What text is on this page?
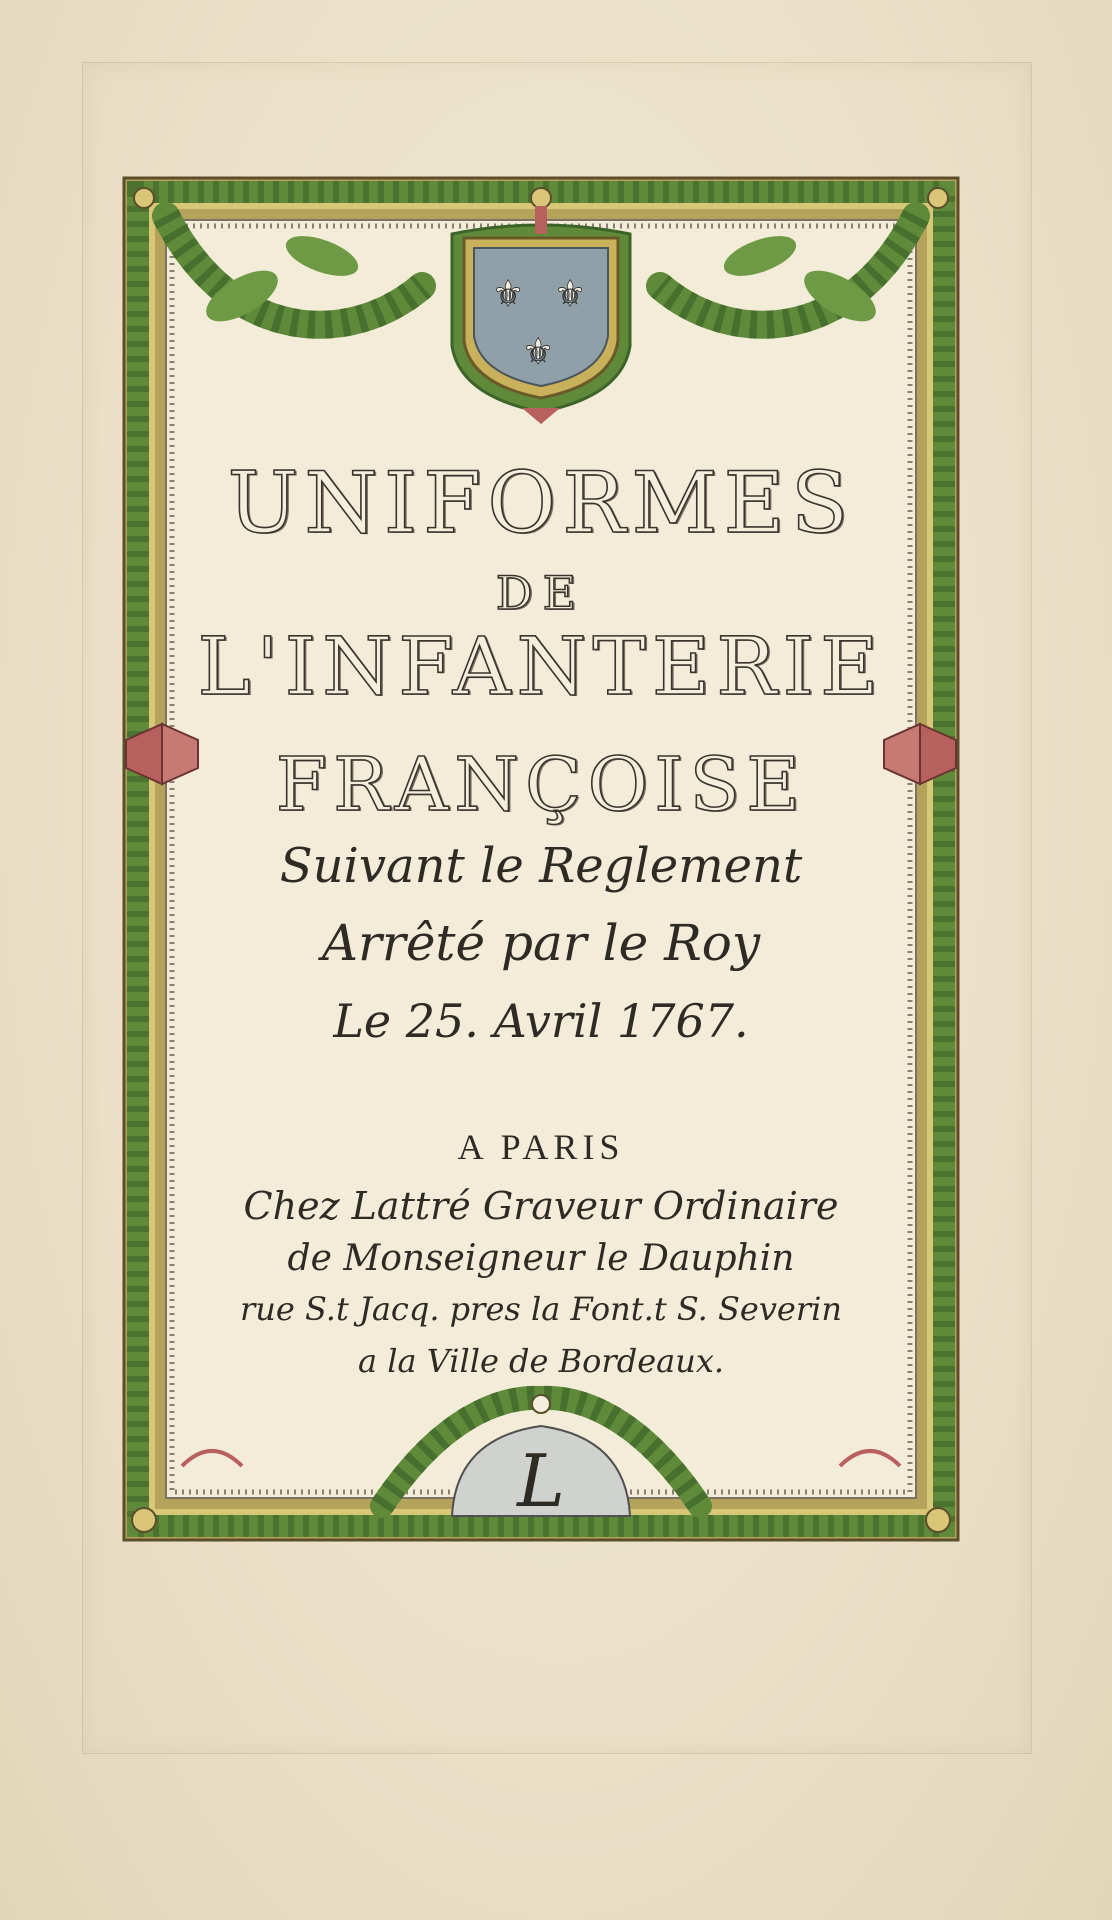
⚜ ⚜
⚜
L
UNIFORMES
DE
L'INFANTERIE
FRANÇOISE
Suivant le Reglement
Arrêté par le Roy
Le 25. Avril 1767.
A PARIS
Chez Lattré Graveur Ordinaire
de Monseigneur le Dauphin
rue S.t Jacq. pres la Font.t S. Severin
a la Ville de Bordeaux.
